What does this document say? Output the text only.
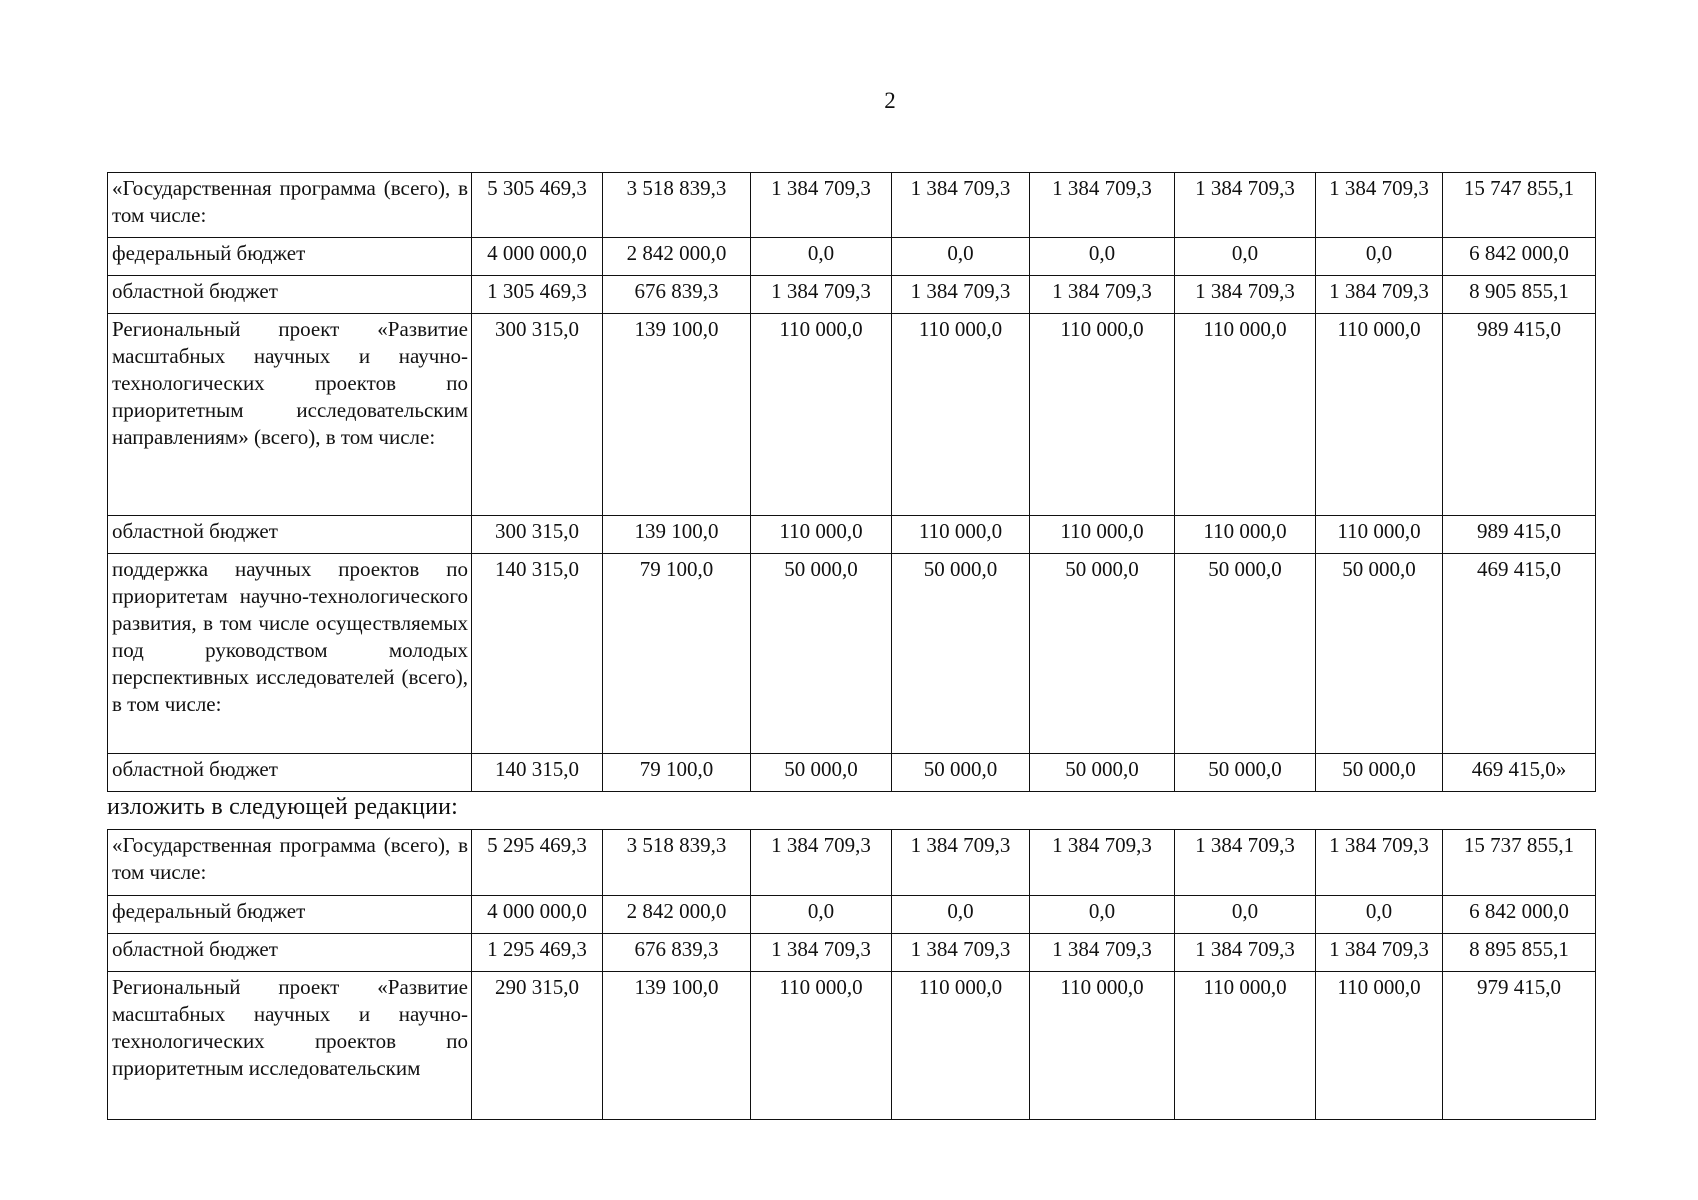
2
«Государственная программа (всего), в том числе:	5 305 469,3	3 518 839,3	1 384 709,3	1 384 709,3	1 384 709,3	1 384 709,3	1 384 709,3	15 747 855,1
федеральный бюджет	4 000 000,0	2 842 000,0	0,0	0,0	0,0	0,0	0,0	6 842 000,0
областной бюджет	1 305 469,3	676 839,3	1 384 709,3	1 384 709,3	1 384 709,3	1 384 709,3	1 384 709,3	8 905 855,1
Региональный проект «Развитие масштабных научных и научно-технологических проектов по приоритетным исследовательским направлениям» (всего), в том числе:	300 315,0	139 100,0	110 000,0	110 000,0	110 000,0	110 000,0	110 000,0	989 415,0
областной бюджет	300 315,0	139 100,0	110 000,0	110 000,0	110 000,0	110 000,0	110 000,0	989 415,0
поддержка научных проектов по приоритетам научно-технологического развития, в том числе осуществляемых под руководством молодых перспективных исследователей (всего), в том числе:	140 315,0	79 100,0	50 000,0	50 000,0	50 000,0	50 000,0	50 000,0	469 415,0
областной бюджет	140 315,0	79 100,0	50 000,0	50 000,0	50 000,0	50 000,0	50 000,0	469 415,0»
изложить в следующей редакции:
«Государственная программа (всего), в том числе:	5 295 469,3	3 518 839,3	1 384 709,3	1 384 709,3	1 384 709,3	1 384 709,3	1 384 709,3	15 737 855,1
федеральный бюджет	4 000 000,0	2 842 000,0	0,0	0,0	0,0	0,0	0,0	6 842 000,0
областной бюджет	1 295 469,3	676 839,3	1 384 709,3	1 384 709,3	1 384 709,3	1 384 709,3	1 384 709,3	8 895 855,1
Региональный проект «Развитие масштабных научных и научно-технологических проектов по приоритетным исследовательским	290 315,0	139 100,0	110 000,0	110 000,0	110 000,0	110 000,0	110 000,0	979 415,0
